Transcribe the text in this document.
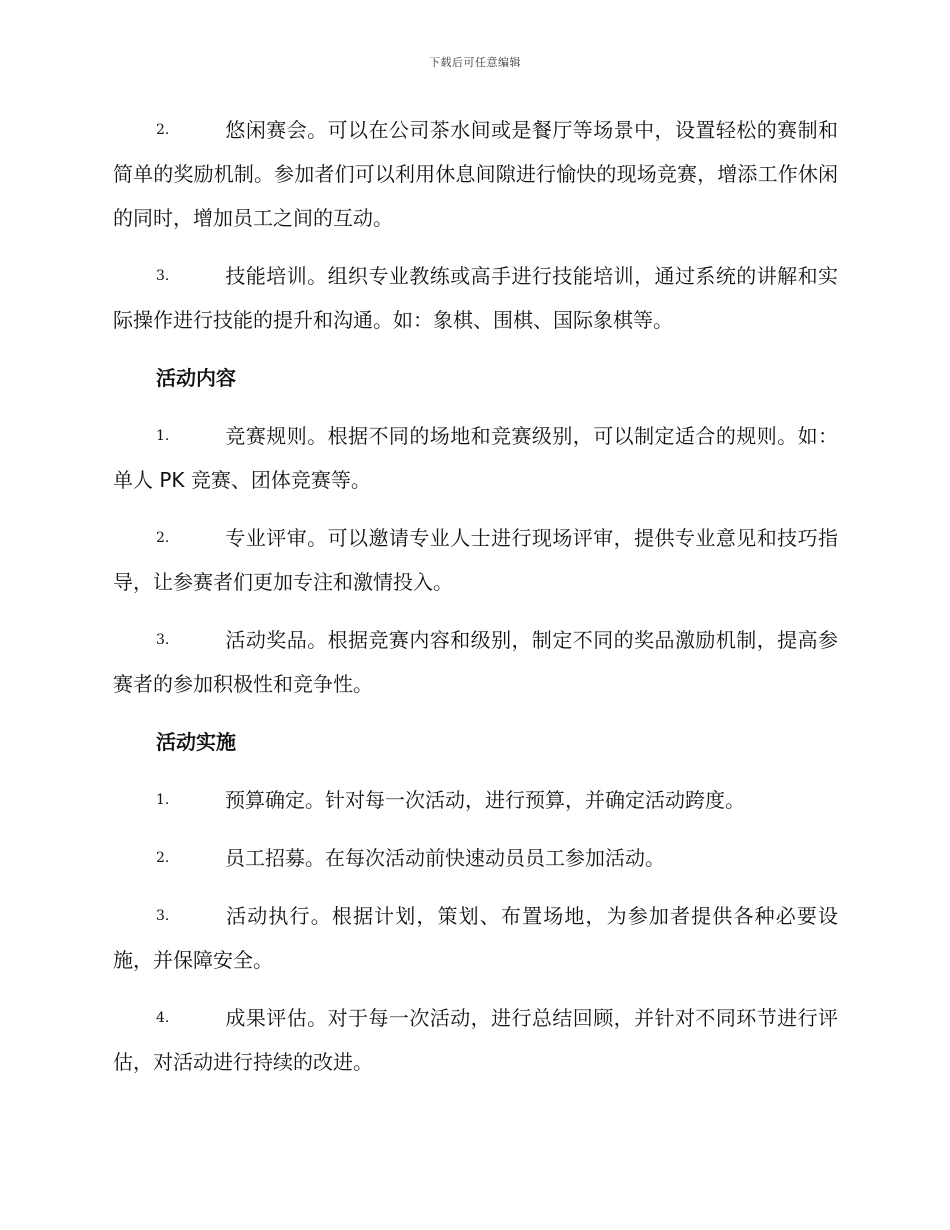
下载后可任意编辑

2.	悠闲赛会。可以在公司茶水间或是餐厅等场景中，设置轻松的赛制和简单的奖励机制。参加者们可以利用休息间隙进行愉快的现场竞赛，增添工作休闲的同时，增加员工之间的互动。

3.	技能培训。组织专业教练或高手进行技能培训，通过系统的讲解和实际操作进行技能的提升和沟通。如：象棋、围棋、国际象棋等。

活动内容

1.	竞赛规则。根据不同的场地和竞赛级别，可以制定适合的规则。如：单人 PK 竞赛、团体竞赛等。

2.	专业评审。可以邀请专业人士进行现场评审，提供专业意见和技巧指导，让参赛者们更加专注和激情投入。

3.	活动奖品。根据竞赛内容和级别，制定不同的奖品激励机制，提高参赛者的参加积极性和竞争性。

活动实施

1.	预算确定。针对每一次活动，进行预算，并确定活动跨度。

2.	员工招募。在每次活动前快速动员员工参加活动。

3.	活动执行。根据计划，策划、布置场地，为参加者提供各种必要设施，并保障安全。

4.	成果评估。对于每一次活动，进行总结回顾，并针对不同环节进行评估，对活动进行持续的改进。
